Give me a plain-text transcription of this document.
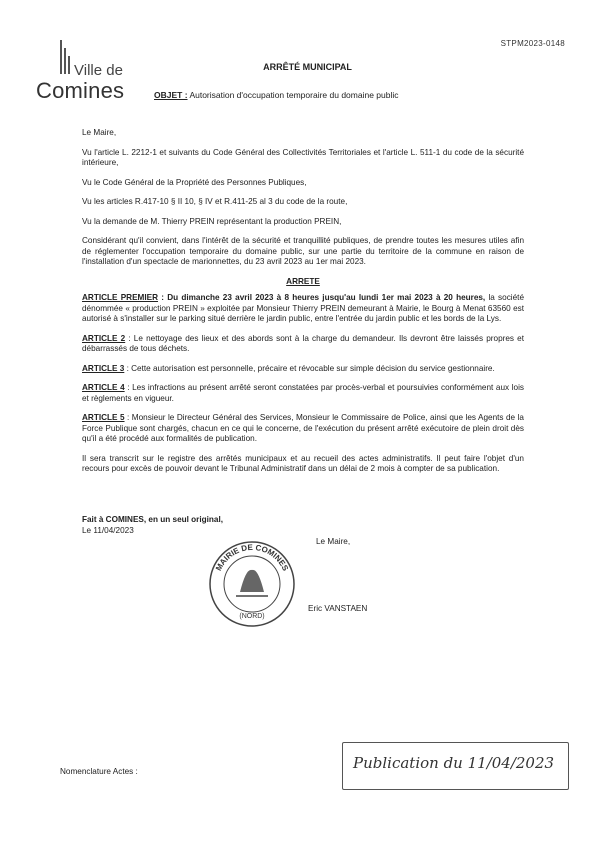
STPM2023-0148
Ville de
Comines
ARRÊTÉ MUNICIPAL
OBJET : Autorisation d'occupation temporaire du domaine public

Le Maire,

Vu l'article L. 2212-1 et suivants du Code Général des Collectivités Territoriales et l'article L. 511-1 du code de la sécurité intérieure,

Vu le Code Général de la Propriété des Personnes Publiques,

Vu les articles R.417-10 § II 10, § IV et R.411-25 al 3 du code de la route,

Vu la demande de M. Thierry PREIN représentant la production PREIN,

Considérant qu'il convient, dans l'intérêt de la sécurité et tranquillité publiques, de prendre toutes les mesures utiles afin de réglementer l'occupation temporaire du domaine public, sur une partie du territoire de la commune en raison de l'installation d'un spectacle de marionnettes, du 23 avril 2023 au 1er mai 2023.

ARRETE

ARTICLE PREMIER : Du dimanche 23 avril 2023 à 8 heures jusqu'au lundi 1er mai 2023 à 20 heures, la société dénommée « production PREIN » exploitée par Monsieur Thierry PREIN demeurant à Mairie, le Bourg à Menat 63560 est autorisé à s'installer sur le parking situé derrière le jardin public, entre l'entrée du jardin public et les bords de la Lys.

ARTICLE 2 : Le nettoyage des lieux et des abords sont à la charge du demandeur. Ils devront être laissés propres et débarrassés de tous déchets.

ARTICLE 3 : Cette autorisation est personnelle, précaire et révocable sur simple décision du service gestionnaire.

ARTICLE 4 : Les infractions au présent arrêté seront constatées par procès-verbal et poursuivies conformément aux lois et règlements en vigueur.

ARTICLE 5 : Monsieur le Directeur Général des Services, Monsieur le Commissaire de Police, ainsi que les Agents de la Force Publique sont chargés, chacun en ce qui le concerne, de l'exécution du présent arrêté exécutoire de plein droit dès qu'il a été procédé aux formalités de publication.

Il sera transcrit sur le registre des arrêtés municipaux et au recueil des actes administratifs. Il peut faire l'objet d'un recours pour excès de pouvoir devant le Tribunal Administratif dans un délai de 2 mois à compter de sa publication.

Fait à COMINES, en un seul original,
Le 11/04/2023
Le Maire,
MAIRIE DE COMINES
(NORD)
Eric VANSTAEN
Nomenclature Actes :	Publication du 11/04/2023
